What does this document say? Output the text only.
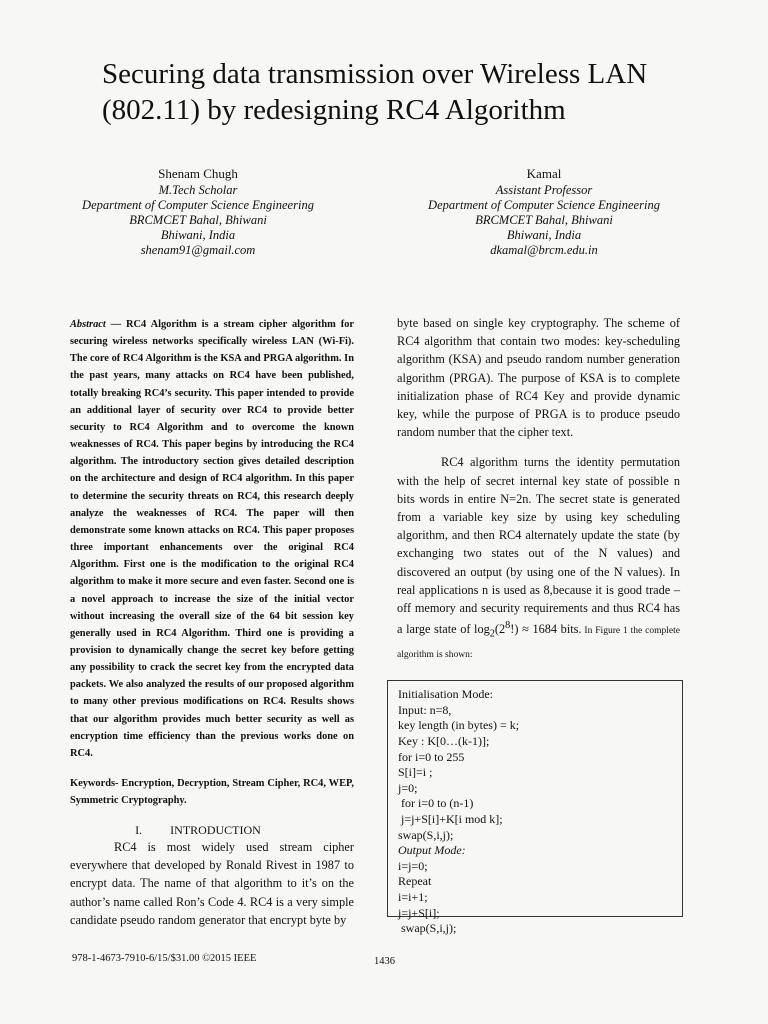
Securing data transmission over Wireless LAN
(802.11) by redesigning RC4 Algorithm
Shenam Chugh
M.Tech Scholar
Department of Computer Science Engineering
BRCMCET Bahal, Bhiwani
Bhiwani, India
shenam91@gmail.com
Kamal
Assistant Professor
Department of Computer Science Engineering
BRCMCET Bahal, Bhiwani
Bhiwani, India
dkamal@brcm.edu.in

Abstract — RC4 Algorithm is a stream cipher algorithm for securing wireless networks specifically wireless LAN (Wi-Fi). The core of RC4 Algorithm is the KSA and PRGA algorithm. In the past years, many attacks on RC4 have been published, totally breaking RC4’s security. This paper intended to provide an additional layer of security over RC4 to provide better security to RC4 Algorithm and to overcome the known weaknesses of RC4. This paper begins by introducing the RC4 algorithm. The introductory section gives detailed description on the architecture and design of RC4 algorithm. In this paper to determine the security threats on RC4, this research deeply analyze the weaknesses of RC4. The paper will then demonstrate some known attacks on RC4. This paper proposes three important enhancements over the original RC4 Algorithm. First one is the modification to the original RC4 algorithm to make it more secure and even faster. Second one is a novel approach to increase the size of the initial vector without increasing the overall size of the 64 bit session key generally used in RC4 Algorithm. Third one is providing a provision to dynamically change the secret key before getting any possibility to crack the secret key from the encrypted data packets. We also analyzed the results of our proposed algorithm to many other previous modifications on RC4. Results shows that our algorithm provides much better security as well as encryption time efficiency than the previous works done on RC4.

Keywords- Encryption, Decryption, Stream Cipher, RC4, WEP, Symmetric Cryptography.
I. INTRODUCTION

RC4 is most widely used stream cipher everywhere that developed by Ronald Rivest in 1987 to encrypt data. The name of that algorithm to it’s on the author’s name called Ron’s Code 4. RC4 is a very simple candidate pseudo random generator that encrypt byte by

byte based on single key cryptography. The scheme of RC4 algorithm that contain two modes: key-scheduling algorithm (KSA) and pseudo random number generation algorithm (PRGA). The purpose of KSA is to complete initialization phase of RC4 Key and provide dynamic key, while the purpose of PRGA is to produce pseudo random number that the cipher text.

RC4 algorithm turns the identity permutation with the help of secret internal key state of possible n bits words in entire N=2n. The secret state is generated from a variable key size by using key scheduling algorithm, and then RC4 alternately update the state (by exchanging two states out of the N values) and discovered an output (by using one of the N values). In real applications n is used as 8,because it is good trade – off memory and security requirements and thus RC4 has a large state of $\log_2(2^8!) \approx 1684$ bits. In Figure 1 the complete algorithm is shown:

Initialisation Mode:
Input: n=8,
key length (in bytes) = k;
Key : K[0…(k-1)];
for i=0 to 255
S[i]=i ;
j=0;
for i=0 to (n-1)
j=j+S[i]+K[i mod k];
swap(S,i,j);
Output Mode:
i=j=0;
Repeat
i=i+1;
j=j+S[i];
swap(S,i,j);
978-1-4673-7910-6/15/$31.00 ©2015 IEEE	1436
